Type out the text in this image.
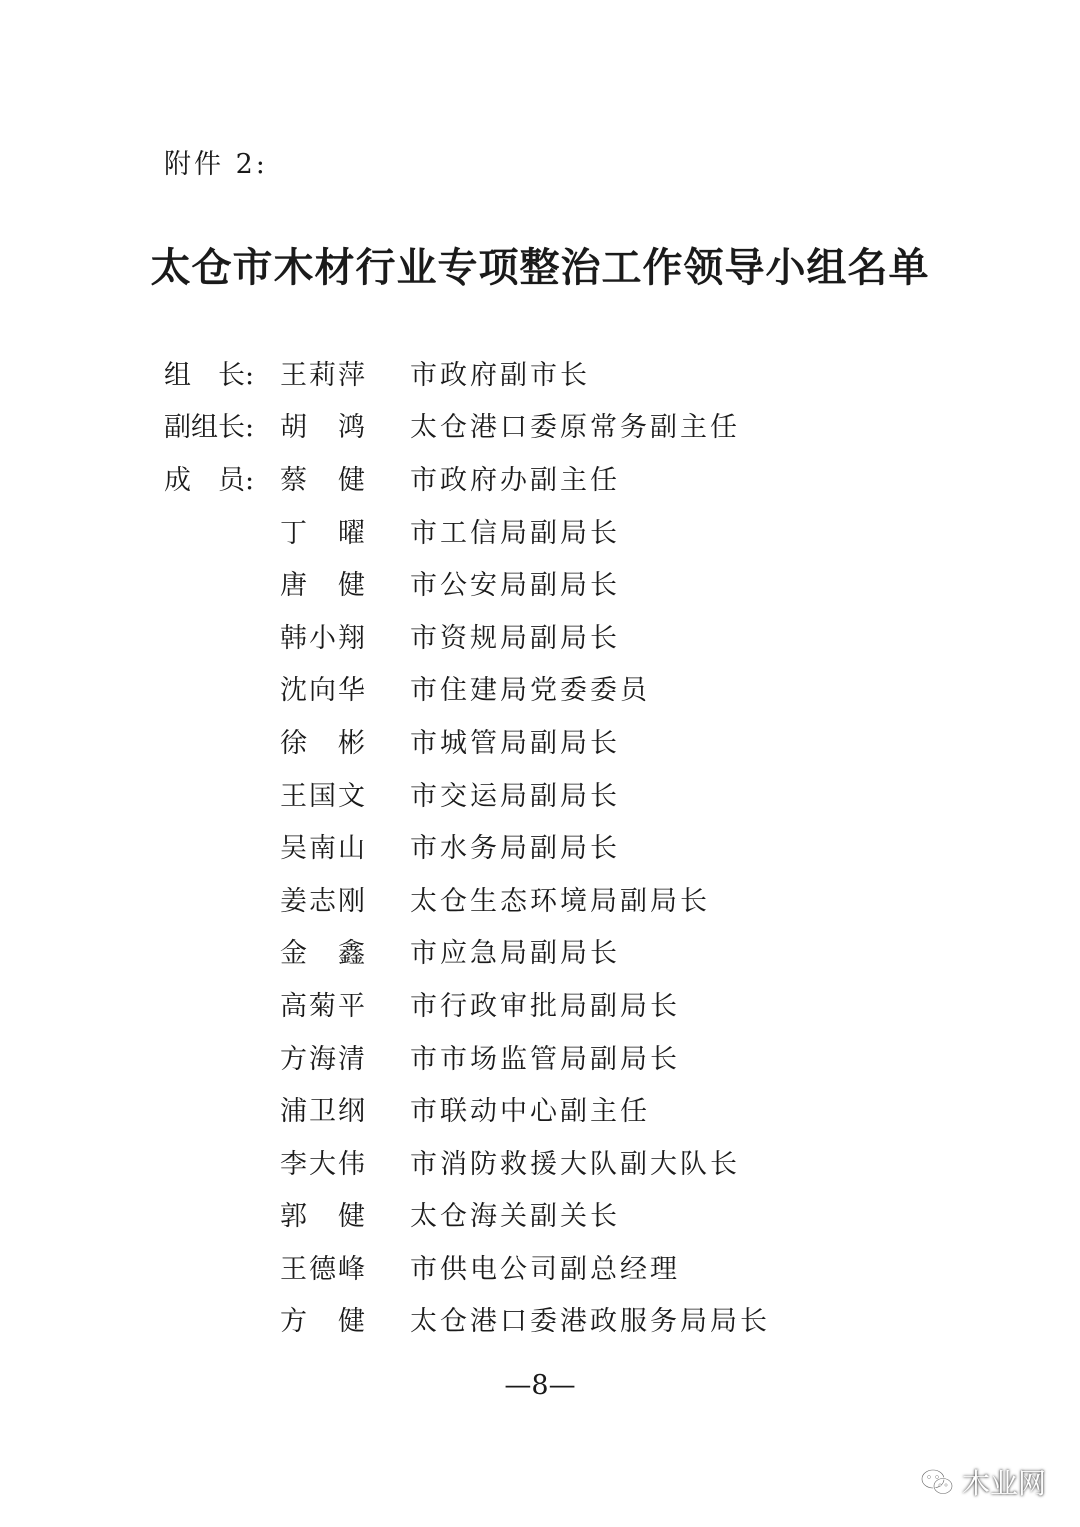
附件 2:
太仓市木材行业专项整治工作领导小组名单
组　长: 王莉萍	市政府副市长
副组长: 胡　鸿	太仓港口委原常务副主任
成　员: 蔡　健	市政府办副主任
丁　曜	市工信局副局长
唐　健	市公安局副局长
韩小翔	市资规局副局长
沈向华	市住建局党委委员
徐　彬	市城管局副局长
王国文	市交运局副局长
吴南山	市水务局副局长
姜志刚	太仓生态环境局副局长
金　鑫	市应急局副局长
高菊平	市行政审批局副局长
方海清	市市场监管局副局长
浦卫纲	市联动中心副主任
李大伟	市消防救援大队副大队长
郭　健	太仓海关副关长
王德峰	市供电公司副总经理
方　健	太仓港口委港政服务局局长
—8—
木业网
